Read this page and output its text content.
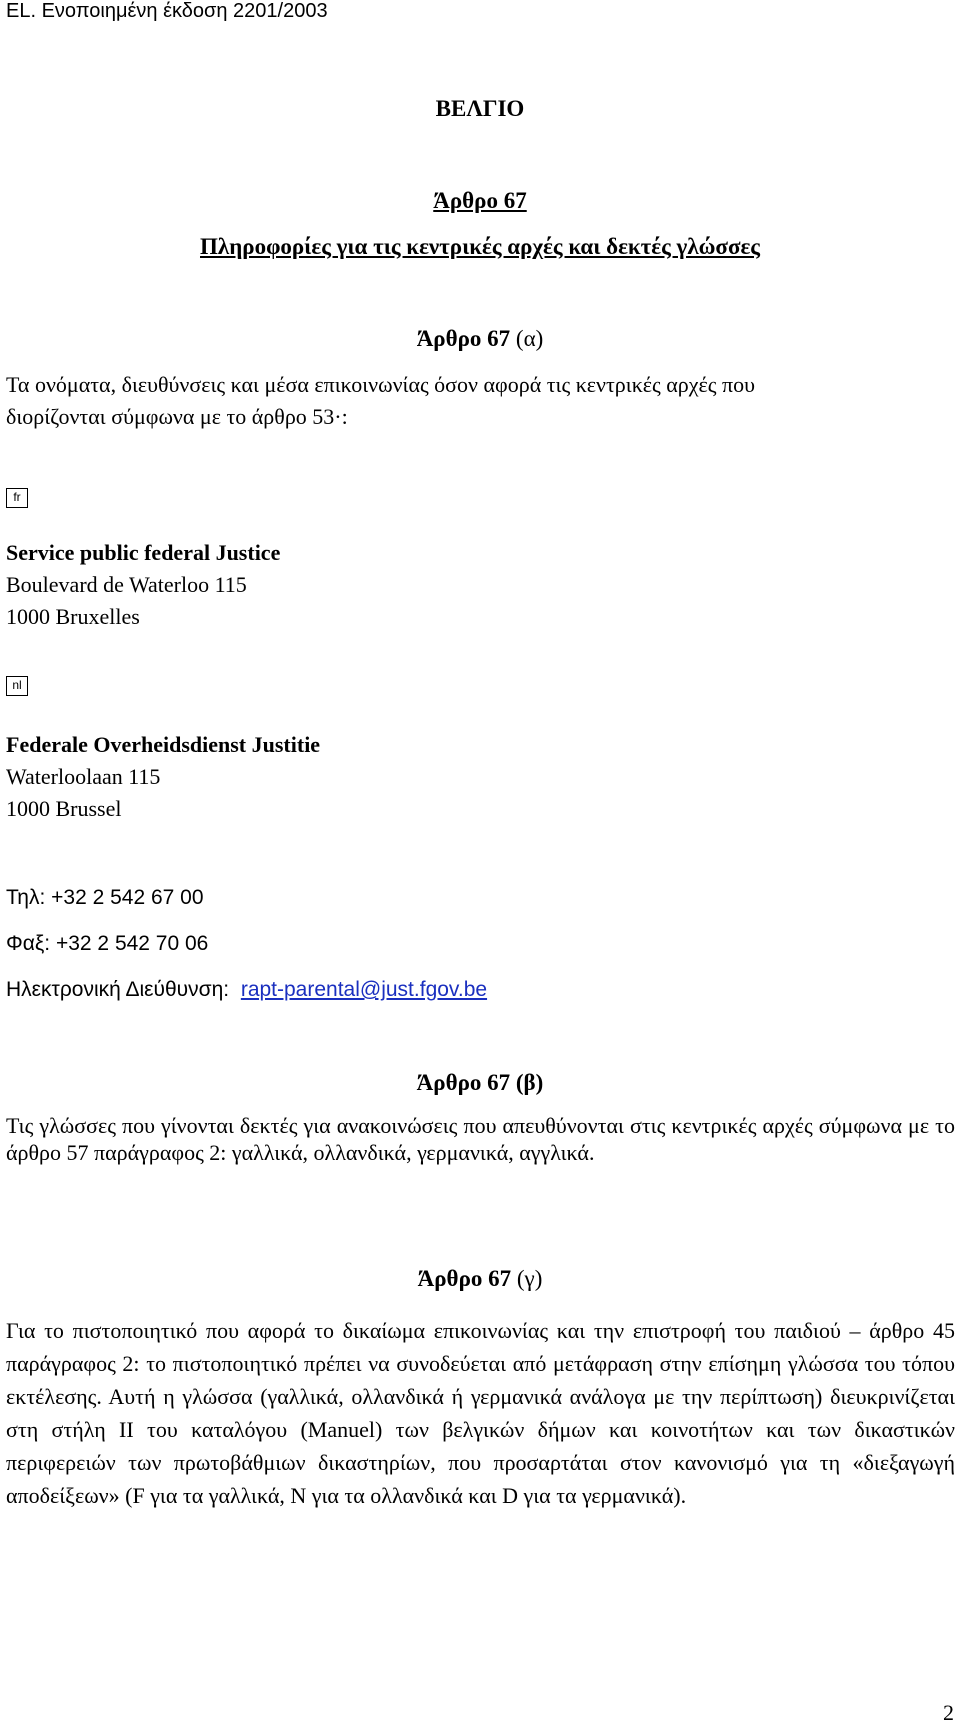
EL. Ενοποιημένη έκδοση 2201/2003
ΒΕΛΓΙΟ
Άρθρο 67
Πληροφορίες για τις κεντρικές αρχές και δεκτές γλώσσες
Άρθρο 67 (α)
Τα ονόματα, διευθύνσεις και μέσα επικοινωνίας όσον αφορά τις κεντρικές αρχές που
διορίζονται σύμφωνα με το άρθρο 53·:
fr
Service public federal Justice
Boulevard de Waterloo 115
1000 Bruxelles
nl
Federale Overheidsdienst Justitie
Waterloolaan 115
1000 Brussel
Τηλ: +32 2 542 67 00
Φαξ: +32 2 542 70 06
Ηλεκτρονική Διεύθυνση: rapt-parental@just.fgov.be
Άρθρο 67 (β)
Τις γλώσσες που γίνονται δεκτές για ανακοινώσεις που απευθύνονται στις κεντρικές αρχές σύμφωνα με το άρθρο 57 παράγραφος 2: γαλλικά, ολλανδικά, γερμανικά, αγγλικά.
Άρθρο 67 (γ)
Για το πιστοποιητικό που αφορά το δικαίωμα επικοινωνίας και την επιστροφή του παιδιού – άρθρο 45 παράγραφος 2: το πιστοποιητικό πρέπει να συνοδεύεται από μετάφραση στην επίσημη γλώσσα του τόπου εκτέλεσης. Αυτή η γλώσσα (γαλλικά, ολλανδικά ή γερμανικά ανάλογα με την περίπτωση) διευκρινίζεται στη στήλη ΙΙ του καταλόγου (Manuel) των βελγικών δήμων και κοινοτήτων και των δικαστικών περιφερειών των πρωτοβάθμιων δικαστηρίων, που προσαρτάται στον κανονισμό για τη «διεξαγωγή αποδείξεων» (F για τα γαλλικά, N για τα ολλανδικά και D για τα γερμανικά).
2
